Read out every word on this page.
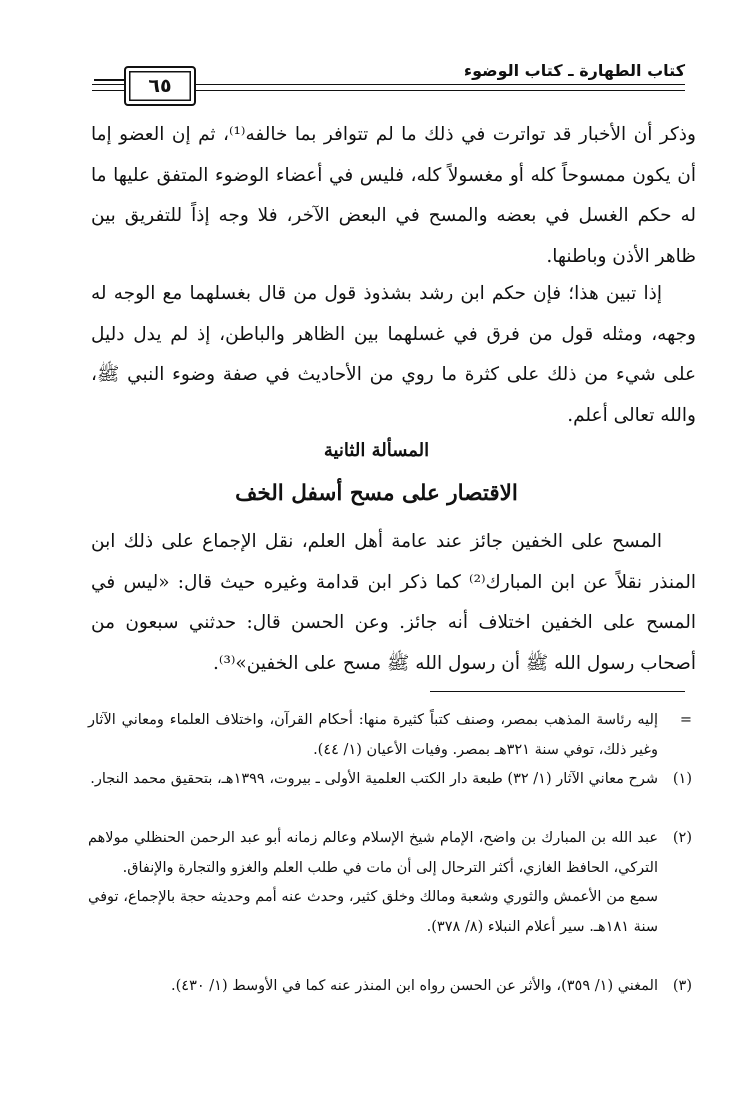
كتاب الطهارة ـ كتاب الوضوء
٦٥

وذكر أن الأخبار قد تواترت في ذلك ما لم تتوافر بما خالفه⁽¹⁾، ثم إن العضو إما أن يكون ممسوحاً كله أو مغسولاً كله، فليس في أعضاء الوضوء المتفق عليها ما له حكم الغسل في بعضه والمسح في البعض الآخر، فلا وجه إذاً للتفريق بين ظاهر الأذن وباطنها.

إذا تبين هذا؛ فإن حكم ابن رشد بشذوذ قول من قال بغسلهما مع الوجه له وجهه، ومثله قول من فرق في غسلهما بين الظاهر والباطن، إذ لم يدل دليل على شيء من ذلك على كثرة ما روي من الأحاديث في صفة وضوء النبي ﷺ، والله تعالى أعلم.

المسألة الثانية
الاقتصار على مسح أسفل الخف

المسح على الخفين جائز عند عامة أهل العلم، نقل الإجماع على ذلك ابن المنذر نقلاً عن ابن المبارك⁽²⁾ كما ذكر ابن قدامة وغيره حيث قال: «ليس في المسح على الخفين اختلاف أنه جائز. وعن الحسن قال: حدثني سبعون من أصحاب رسول الله ﷺ أن رسول الله ﷺ مسح على الخفين»⁽³⁾.

=
إليه رئاسة المذهب بمصر، وصنف كتباً كثيرة منها: أحكام القرآن، واختلاف العلماء ومعاني الآثار وغير ذلك، توفي سنة ٣٢١هـ بمصر. وفيات الأعيان (١/ ٤٤).
(١)
شرح معاني الآثار (١/ ٣٢) طبعة دار الكتب العلمية الأولى ـ بيروت، ١٣٩٩هـ، بتحقيق محمد النجار.
(٢)
عبد الله بن المبارك بن واضح، الإمام شيخ الإسلام وعالم زمانه أبو عبد الرحمن الحنظلي مولاهم التركي، الحافظ الغازي، أكثر الترحال إلى أن مات في طلب العلم والغزو والتجارة والإنفاق.
سمع من الأعمش والثوري وشعبة ومالك وخلق كثير، وحدث عنه أمم وحديثه حجة بالإجماع، توفي سنة ١٨١هـ. سير أعلام النبلاء (٨/ ٣٧٨).
(٣)
المغني (١/ ٣٥٩)، والأثر عن الحسن رواه ابن المنذر عنه كما في الأوسط (١/ ٤٣٠).
